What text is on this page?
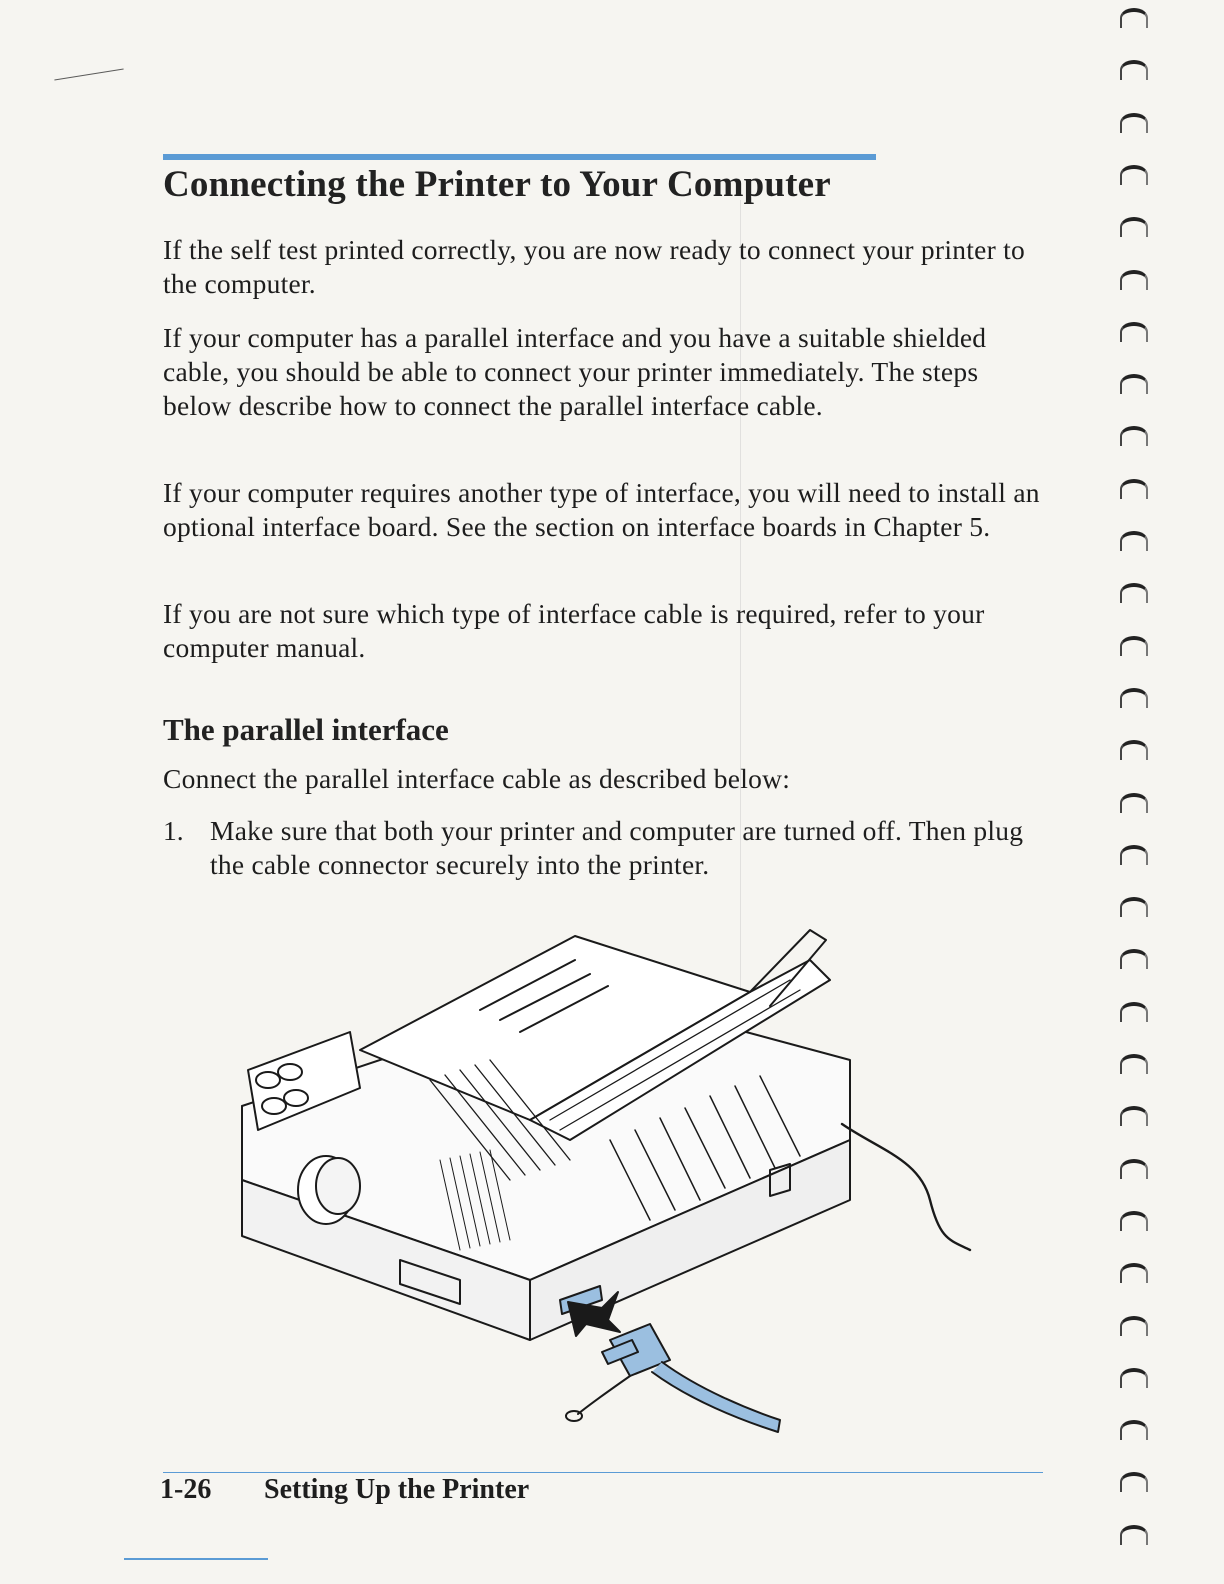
Connecting the Printer to Your Computer

If the self test printed correctly, you are now ready to connect your printer to the computer.

If your computer has a parallel interface and you have a suitable shielded cable, you should be able to connect your printer immediately. The steps below describe how to connect the parallel interface cable.

If your computer requires another type of interface, you will need to install an optional interface board. See the section on interface boards in Chapter 5.

If you are not sure which type of interface cable is required, refer to your computer manual.

The parallel interface

Connect the parallel interface cable as described below:

1. Make sure that both your printer and computer are turned off. Then plug the cable connector securely into the printer.

1-26 Setting Up the Printer
